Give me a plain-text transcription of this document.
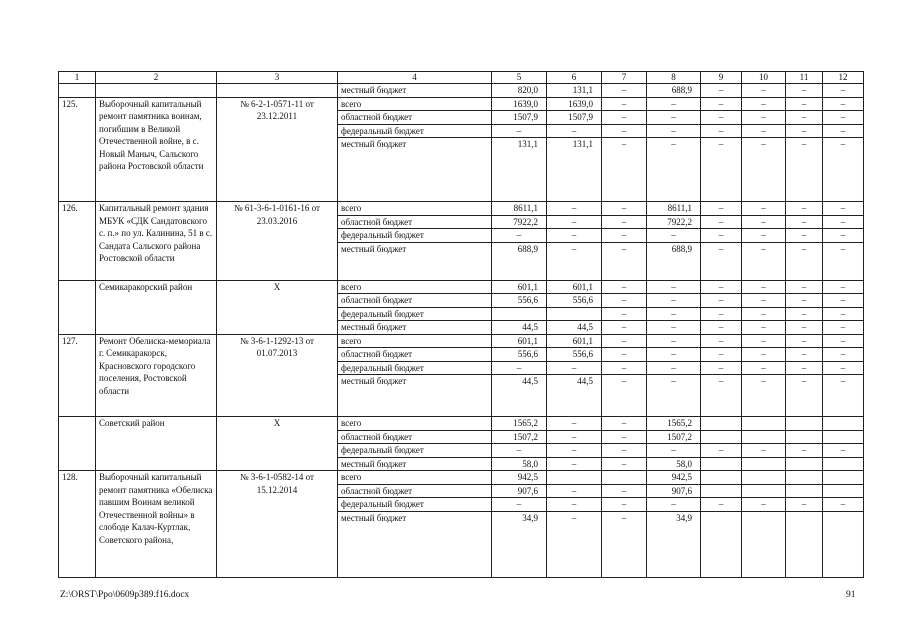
1	2	3	4	5	6	7	8	9	10	11	12
			местный бюджет	820,0	131,1	–	688,9	–	–	–	–
125.	Выборочный капитальный ремонт памятника воинам, погибшим в Великой Отечественной войне, в с. Новый Маныч, Сальского района Ростовской области	№ 6-2-1-0571-11 от 23.12.2011	всего	1639,0	1639,0	–	–	–	–	–	–
			областной бюджет	1507,9	1507,9	–	–	–	–	–	–
			федеральный бюджет	–	–	–	–	–	–	–	–
			местный бюджет	131,1	131,1	–	–	–	–	–	–
126.	Капитальный ремонт здания МБУК «СДК Сандатовского с. п.» по ул. Калинина, 51 в с. Сандата Сальского района Ростовской области	№ 61-3-6-1-0161-16 от 23.03.2016	всего	8611,1	–	–	8611,1	–	–	–	–
			областной бюджет	7922,2	–	–	7922,2	–	–	–	–
			федеральный бюджет	–	–	–	–	–	–	–	–
			местный бюджет	688,9	–	–	688,9	–	–	–	–
	Семикаракорский район	Х	всего	601,1	601,1	–	–	–	–	–	–
			областной бюджет	556,6	556,6	–	–	–	–	–	–
			федеральный бюджет			–	–	–	–	–	–
			местный бюджет	44,5	44,5	–	–	–	–	–	–
127.	Ремонт Обелиска-мемориала г. Семикаракорск, Красновского городского поселения, Ростовской области	№ 3-6-1-1292-13 от 01.07.2013	всего	601,1	601,1	–	–	–	–	–	–
			областной бюджет	556,6	556,6	–	–	–	–	–	–
			федеральный бюджет	–	–	–	–	–	–	–	–
			местный бюджет	44,5	44,5	–	–	–	–	–	–
	Советский район	Х	всего	1565,2	–	–	1565,2				
			областной бюджет	1507,2	–	–	1507,2				
			федеральный бюджет	–	–	–	–	–	–	–	–
			местный бюджет	58,0	–	–	58,0				
128.	Выборочный капитальный ремонт памятника «Обелиска павшим Воинам великой Отечественной войны» в слободе Калач-Куртлак, Советского района,	№ 3-6-1-0582-14 от 15.12.2014	всего	942,5			942,5				
			областной бюджет	907,6	–	–	907,6				
			федеральный бюджет	–	–	–	–	–	–	–	–
			местный бюджет	34,9	–	–	34,9				
Z:\ORST\Ppo\0609p389.f16.docx	91
